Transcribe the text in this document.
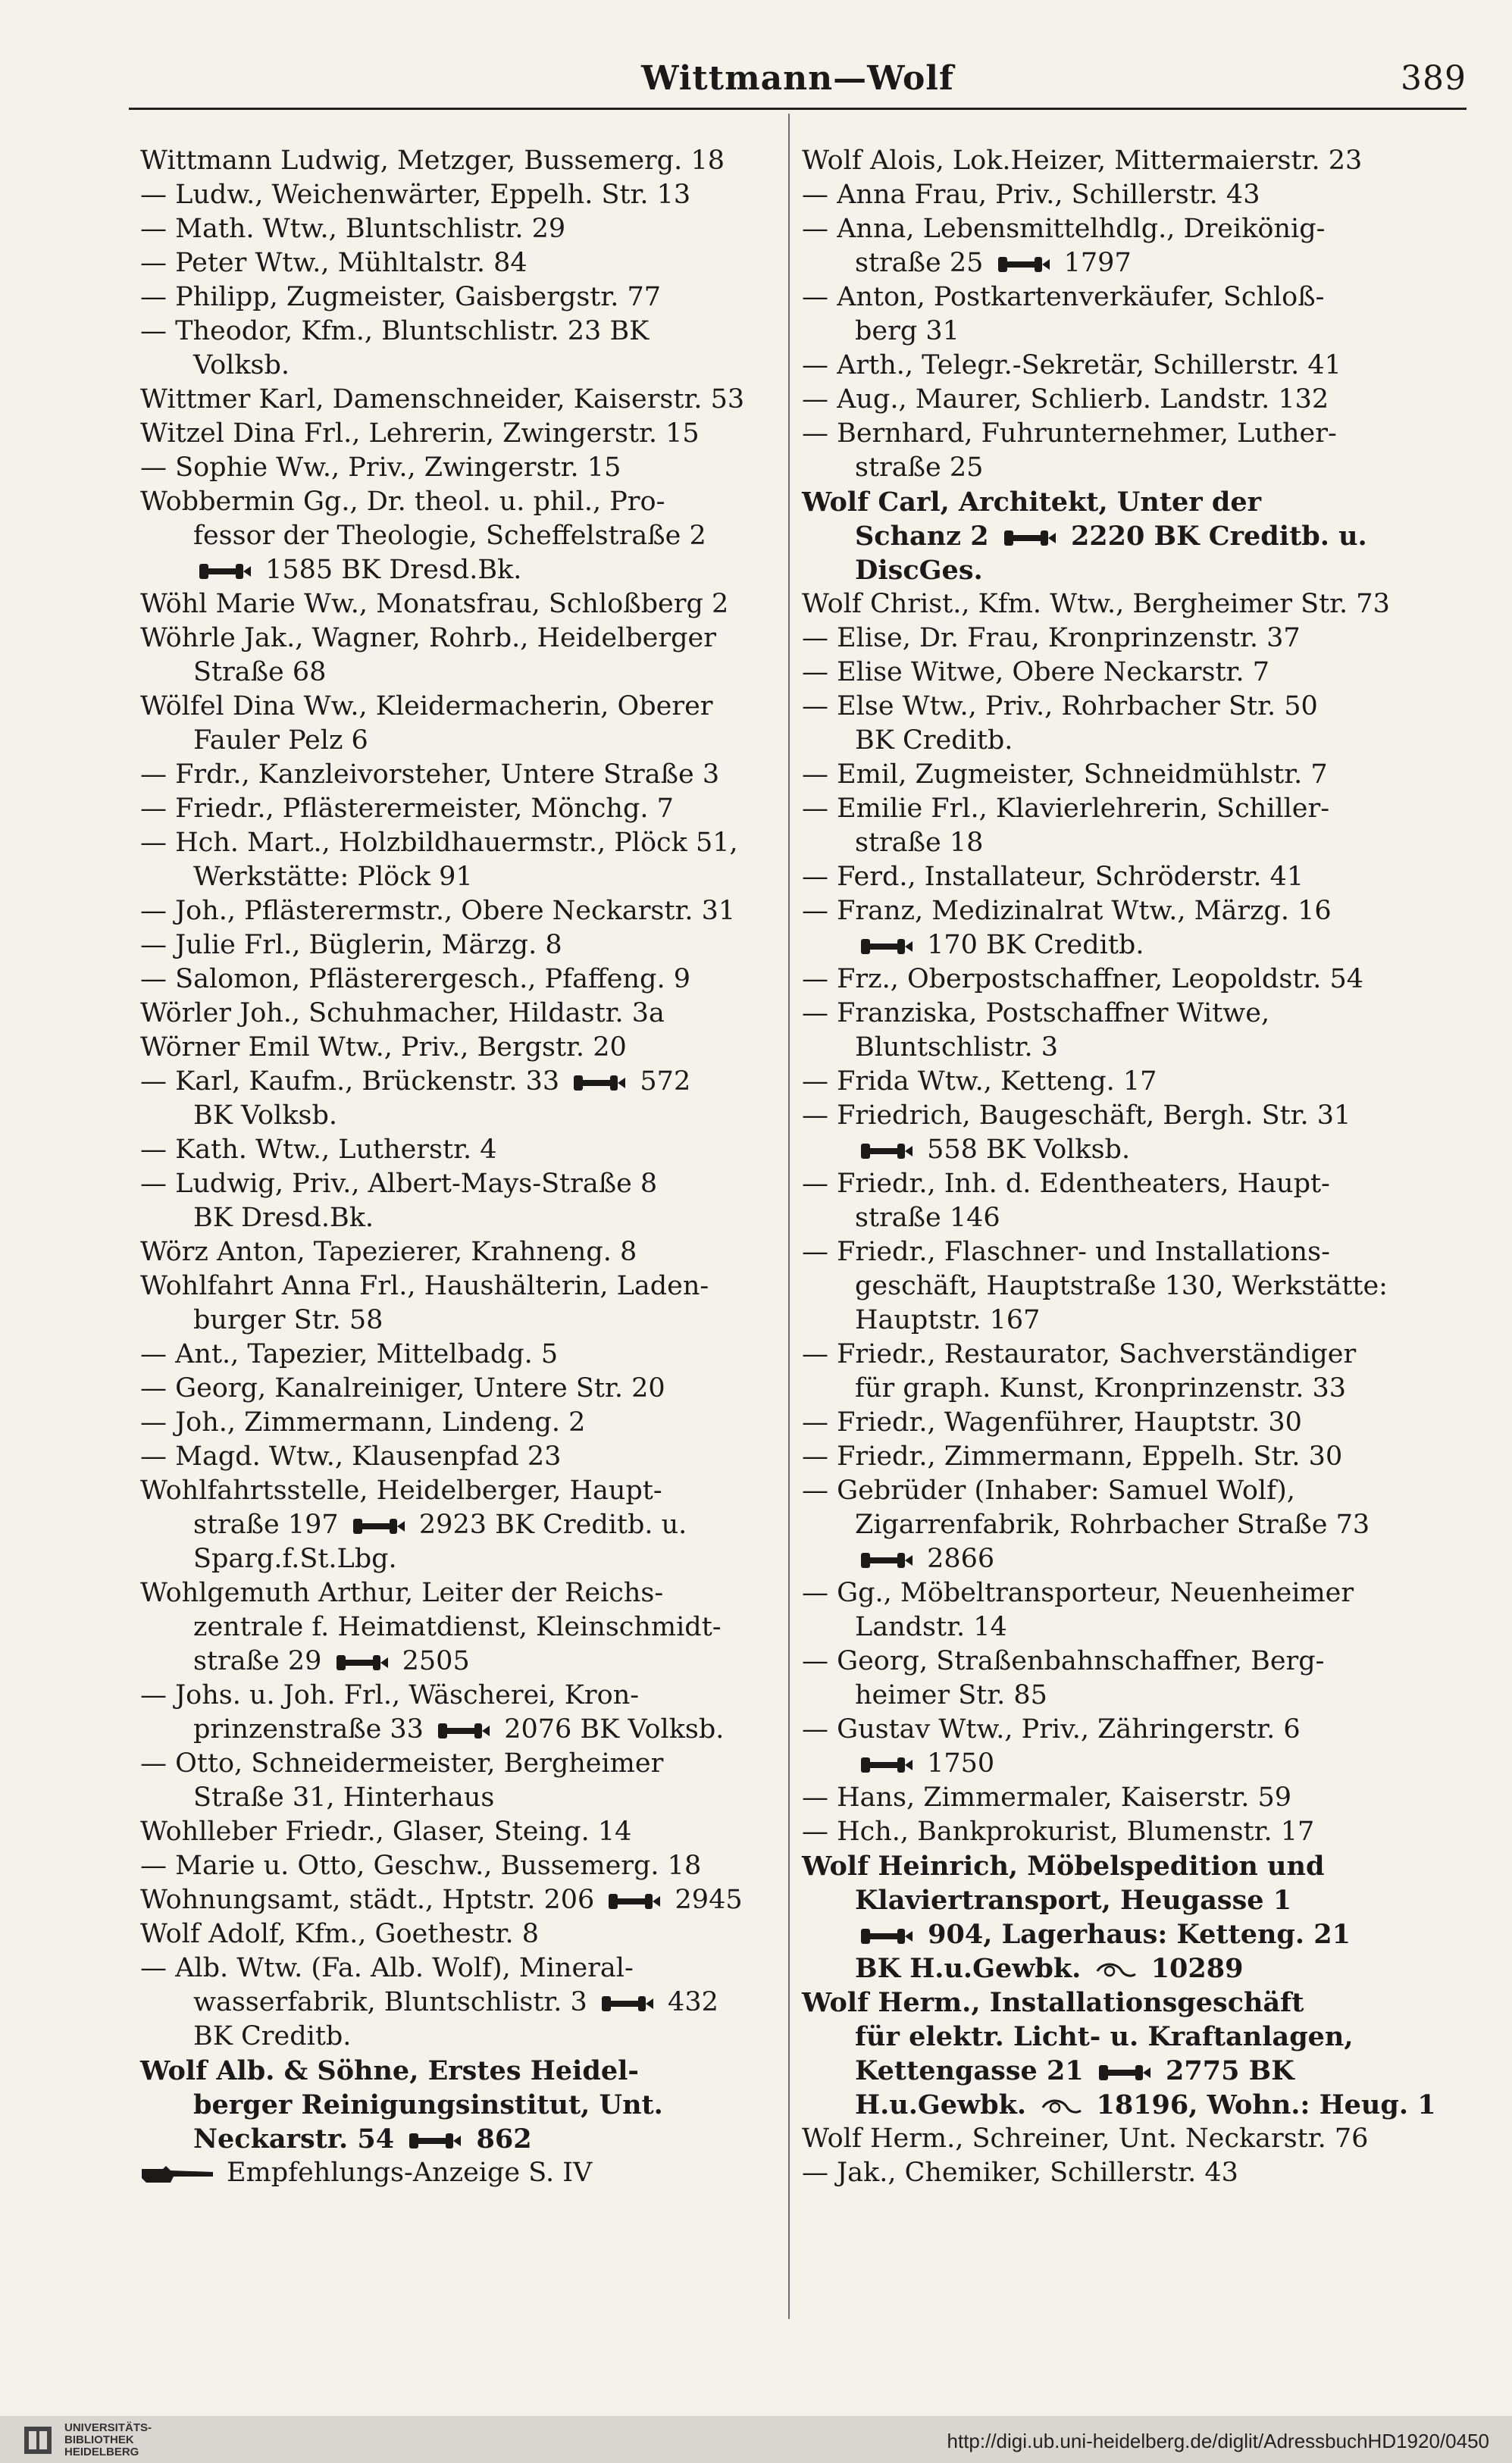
Wittmann—Wolf	389

Wittmann Ludwig, Metzger, Bussemerg. 18

— Ludw., Weichenwärter, Eppelh. Str. 13

— Math. Wtw., Bluntschlistr. 29

— Peter Wtw., Mühltalstr. 84

— Philipp, Zugmeister, Gaisbergstr. 77

— Theodor, Kfm., Bluntschlistr. 23 BK

Volksb.

Wittmer Karl, Damenschneider, Kaiserstr. 53

Witzel Dina Frl., Lehrerin, Zwingerstr. 15

— Sophie Ww., Priv., Zwingerstr. 15

Wobbermin Gg., Dr. theol. u. phil., Pro-

fessor der Theologie, Scheffelstraße 2

1585 BK Dresd.Bk.

Wöhl Marie Ww., Monatsfrau, Schloßberg 2

Wöhrle Jak., Wagner, Rohrb., Heidelberger

Straße 68

Wölfel Dina Ww., Kleidermacherin, Oberer

Fauler Pelz 6

— Frdr., Kanzleivorsteher, Untere Straße 3

— Friedr., Pflästerermeister, Mönchg. 7

— Hch. Mart., Holzbildhauermstr., Plöck 51,

Werkstätte: Plöck 91

— Joh., Pflästerermstr., Obere Neckarstr. 31

— Julie Frl., Büglerin, Märzg. 8

— Salomon, Pflästerergesch., Pfaffeng. 9

Wörler Joh., Schuhmacher, Hildastr. 3a

Wörner Emil Wtw., Priv., Bergstr. 20

— Karl, Kaufm., Brückenstr. 33  572

BK Volksb.

— Kath. Wtw., Lutherstr. 4

— Ludwig, Priv., Albert-Mays-Straße 8

BK Dresd.Bk.

Wörz Anton, Tapezierer, Krahneng. 8

Wohlfahrt Anna Frl., Haushälterin, Laden-

burger Str. 58

— Ant., Tapezier, Mittelbadg. 5

— Georg, Kanalreiniger, Untere Str. 20

— Joh., Zimmermann, Lindeng. 2

— Magd. Wtw., Klausenpfad 23

Wohlfahrtsstelle, Heidelberger, Haupt-

straße 197  2923 BK Creditb. u.

Sparg.f.St.Lbg.

Wohlgemuth Arthur, Leiter der Reichs-

zentrale f. Heimatdienst, Kleinschmidt-

straße 29  2505

— Johs. u. Joh. Frl., Wäscherei, Kron-

prinzenstraße 33  2076 BK Volksb.

— Otto, Schneidermeister, Bergheimer

Straße 31, Hinterhaus

Wohlleber Friedr., Glaser, Steing. 14

— Marie u. Otto, Geschw., Bussemerg. 18

Wohnungsamt, städt., Hptstr. 206  2945

Wolf Adolf, Kfm., Goethestr. 8

— Alb. Wtw. (Fa. Alb. Wolf), Mineral-

wasserfabrik, Bluntschlistr. 3  432

BK Creditb.

Wolf Alb. & Söhne, Erstes Heidel-

berger Reinigungsinstitut, Unt.

Neckarstr. 54  862

Empfehlungs-Anzeige S. IV

Wolf Alois, Lok.Heizer, Mittermaierstr. 23

— Anna Frau, Priv., Schillerstr. 43

— Anna, Lebensmittelhdlg., Dreikönig-

straße 25  1797

— Anton, Postkartenverkäufer, Schloß-

berg 31

— Arth., Telegr.-Sekretär, Schillerstr. 41

— Aug., Maurer, Schlierb. Landstr. 132

— Bernhard, Fuhrunternehmer, Luther-

straße 25

Wolf Carl, Architekt, Unter der

Schanz 2  2220 BK Creditb. u.

DiscGes.

Wolf Christ., Kfm. Wtw., Bergheimer Str. 73

— Elise, Dr. Frau, Kronprinzenstr. 37

— Elise Witwe, Obere Neckarstr. 7

— Else Wtw., Priv., Rohrbacher Str. 50

BK Creditb.

— Emil, Zugmeister, Schneidmühlstr. 7

— Emilie Frl., Klavierlehrerin, Schiller-

straße 18

— Ferd., Installateur, Schröderstr. 41

— Franz, Medizinalrat Wtw., Märzg. 16

170 BK Creditb.

— Frz., Oberpostschaffner, Leopoldstr. 54

— Franziska, Postschaffner Witwe,

Bluntschlistr. 3

— Frida Wtw., Ketteng. 17

— Friedrich, Baugeschäft, Bergh. Str. 31

558 BK Volksb.

— Friedr., Inh. d. Edentheaters, Haupt-

straße 146

— Friedr., Flaschner- und Installations-

geschäft, Hauptstraße 130, Werkstätte:

Hauptstr. 167

— Friedr., Restaurator, Sachverständiger

für graph. Kunst, Kronprinzenstr. 33

— Friedr., Wagenführer, Hauptstr. 30

— Friedr., Zimmermann, Eppelh. Str. 30

— Gebrüder (Inhaber: Samuel Wolf),

Zigarrenfabrik, Rohrbacher Straße 73

2866

— Gg., Möbeltransporteur, Neuenheimer

Landstr. 14

— Georg, Straßenbahnschaffner, Berg-

heimer Str. 85

— Gustav Wtw., Priv., Zähringerstr. 6

1750

— Hans, Zimmermaler, Kaiserstr. 59

— Hch., Bankprokurist, Blumenstr. 17

Wolf Heinrich, Möbelspedition und

Klaviertransport, Heugasse 1

904, Lagerhaus: Ketteng. 21

BK H.u.Gewbk.  10289

Wolf Herm., Installationsgeschäft

für elektr. Licht- u. Kraftanlagen,

Kettengasse 21  2775 BK

H.u.Gewbk.  18196, Wohn.: Heug. 1

Wolf Herm., Schreiner, Unt. Neckarstr. 76

— Jak., Chemiker, Schillerstr. 43

UNIVERSITÄTS-
BIBLIOTHEK
HEIDELBERG	http://digi.ub.uni-heidelberg.de/diglit/AdressbuchHD1920/0450
